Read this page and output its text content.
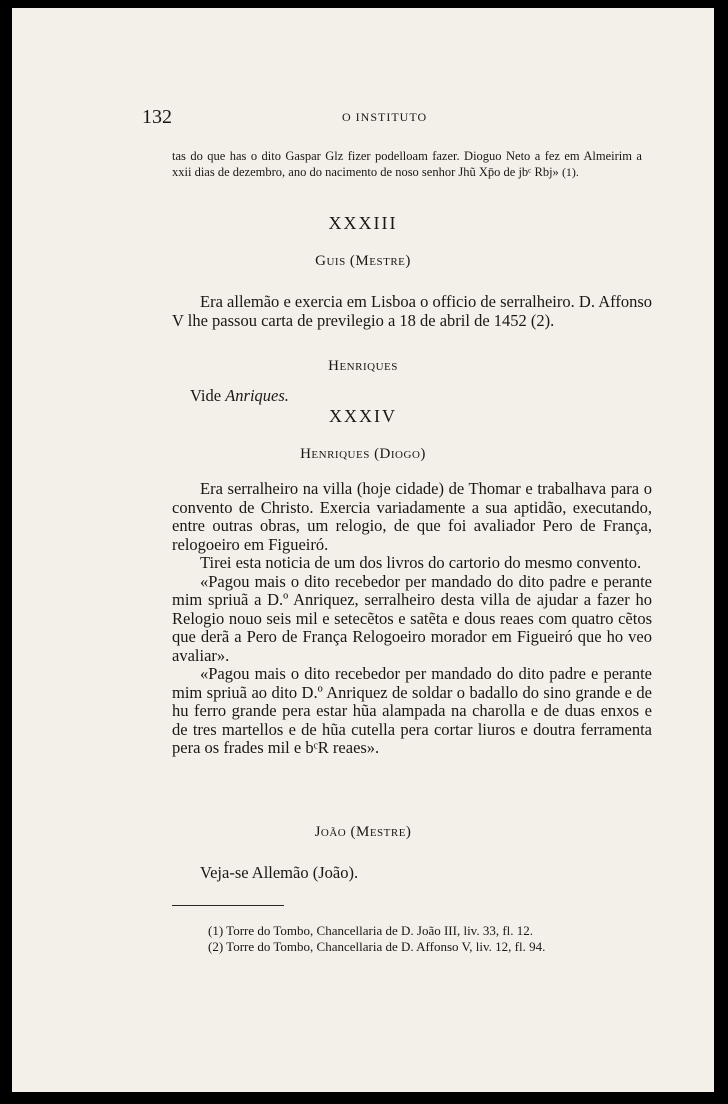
132	O INSTITUTO
tas do que has o dito Gaspar Glz fizer podelloam fazer. Dioguo Neto a fez em Almeirim a xxii dias de dezembro, ano do nacimento de noso senhor Jhũ Xp̄o de jbᶜ Rbj» (1).
XXXIII
Guis (Mestre)
Era allemão e exercia em Lisboa o officio de serralheiro. D. Affonso V lhe passou carta de previlegio a 18 de abril de 1452 (2).
Henriques
Vide Anriques.
XXXIV
Henriques (Diogo)

Era serralheiro na villa (hoje cidade) de Thomar e trabalhava para o convento de Christo. Exercia variadamente a sua aptidão, executando, entre outras obras, um relogio, de que foi avaliador Pero de França, relogoeiro em Figueiró.

Tirei esta noticia de um dos livros do cartorio do mesmo convento.

«Pagou mais o dito recebedor per mandado do dito padre e perante mim spriuã a D.º Anriquez, serralheiro desta villa de ajudar a fazer ho Relogio nouo seis mil e setecẽtos e satẽta e dous reaes com quatro cẽtos que derã a Pero de França Relogoeiro morador em Figueiró que ho veo avaliar».

«Pagou mais o dito recebedor per mandado do dito padre e perante mim spriuã ao dito D.º Anriquez de soldar o badallo do sino grande e de hu ferro grande pera estar hũa alampada na charolla e de duas enxos e de tres martellos e de hũa cutella pera cortar liuros e doutra ferramenta pera os frades mil e bᶜR reaes».

João (Mestre)
Veja-se Allemão (João).

(1) Torre do Tombo, Chancellaria de D. João III, liv. 33, fl. 12.

(2) Torre do Tombo, Chancellaria de D. Affonso V, liv. 12, fl. 94.
